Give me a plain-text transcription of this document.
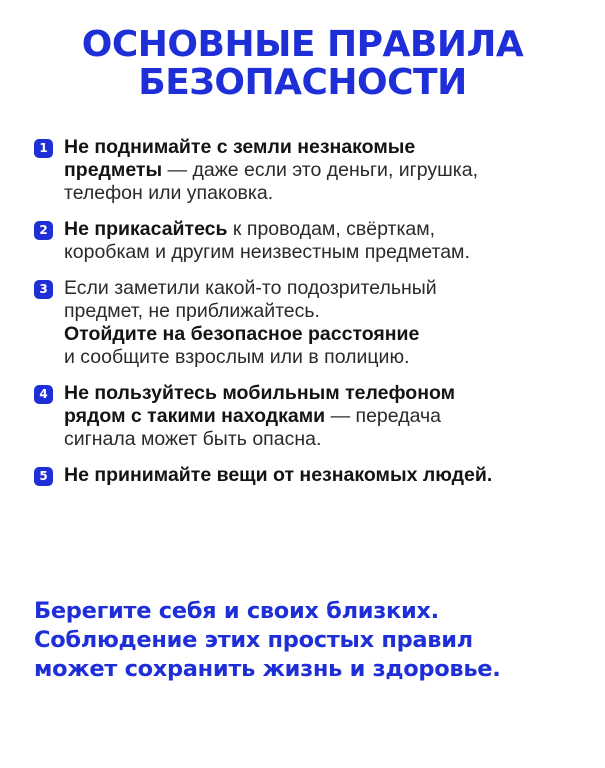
ОСНОВНЫЕ ПРАВИЛА
БЕЗОПАСНОСТИ
1 Не поднимайте с земли незнакомые
предметы — даже если это деньги, игрушка,
телефон или упаковка.
2 Не прикасайтесь к проводам, свёрткам,
коробкам и другим неизвестным предметам.
3 Если заметили какой-то подозрительный
предмет, не приближайтесь.
Отойдите на безопасное расстояние
и сообщите взрослым или в полицию.
4 Не пользуйтесь мобильным телефоном
рядом с такими находками — передача
сигнала может быть опасна.
5 Не принимайте вещи от незнакомых людей.

Берегите себя и своих близких.
Соблюдение этих простых правил
может сохранить жизнь и здоровье.
